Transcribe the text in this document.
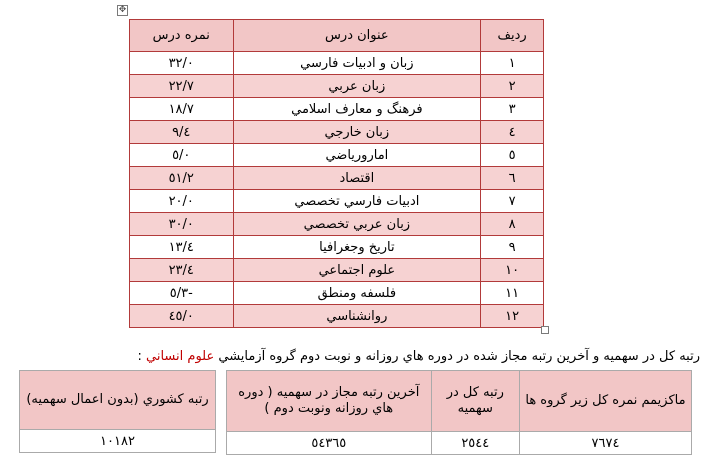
✥
رديف	عنوان درس	نمره درس
١	زبان و ادبيات فارسي	٣٢/٠
٢	زبان عربي	٢٢/٧
٣	فرهنگ و معارف اسلامي	١٨/٧
٤	زبان خارجي	٩/٤
٥	امارورياضي	٥/٠
٦	اقتصاد	٥١/٢
٧	ادبيات فارسي تخصصي	٢٠/٠
٨	زبان عربي تخصصي	٣٠/٠
٩	تاريخ وجغرافيا	١٣/٤
١٠	علوم اجتماعي	٢٣/٤
١١	فلسفه ومنطق	-٥/٣
١٢	روانشناسي	٤٥/٠
رتبه كل در سهميه و آخرين رتبه مجاز شده در دوره هاي روزانه و نوبت دوم گروه آزمايشي علوم انساني :
رتبه كشوري (بدون اعمال سهميه)
١٠١٨٢
ماكزيمم نمره كل زير گروه ها	رتبه كل در سهميه	آخرين رتبه مجاز در سهميه ( دوره هاي روزانه ونوبت دوم )
٧٦٧٤	٢٥٤٤	٥٤٣٦٥
